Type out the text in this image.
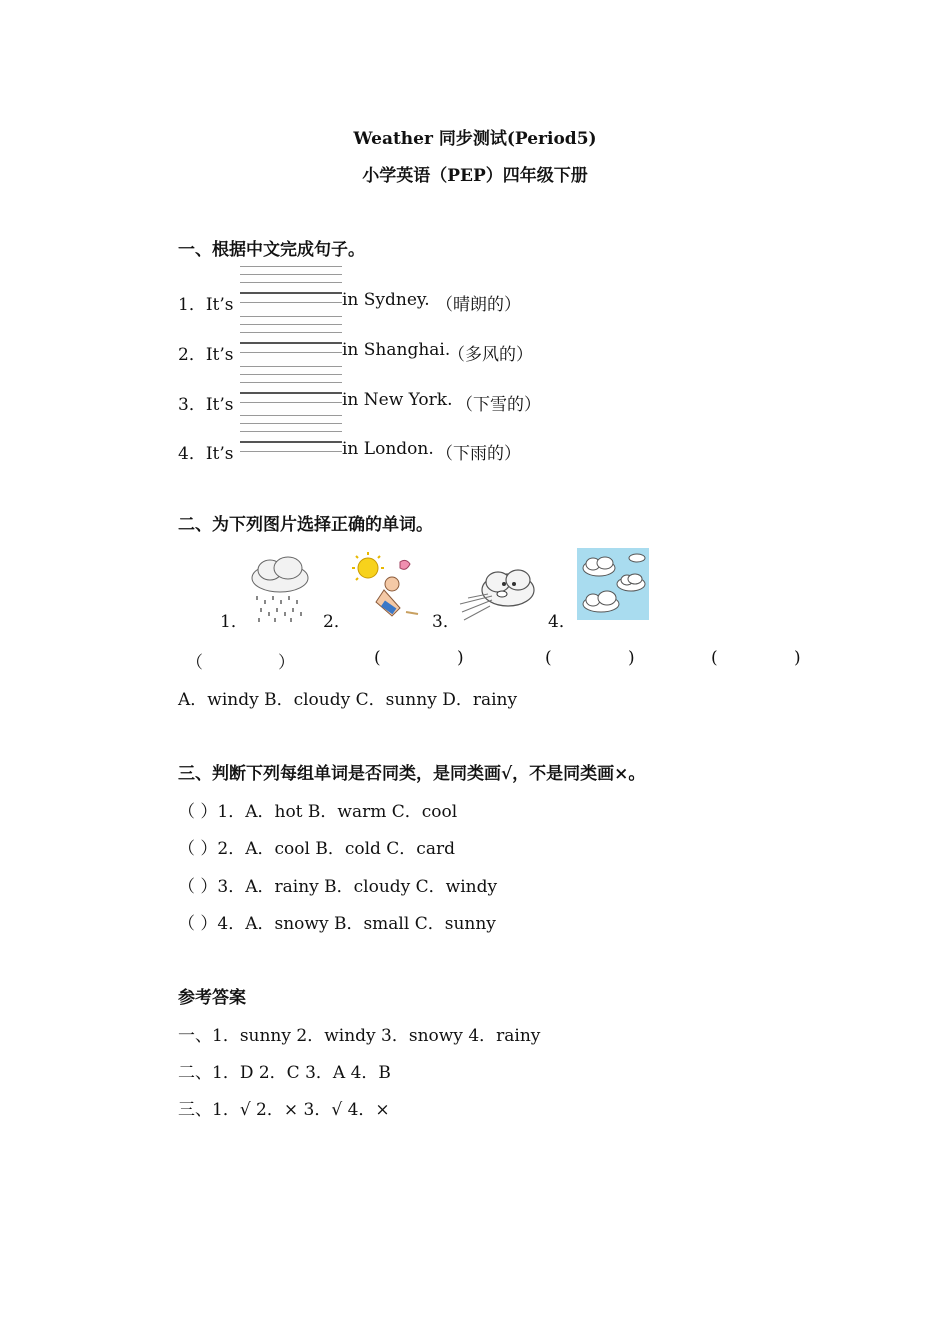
Weather 同步测试(Period5)
小学英语（PEP）四年级下册
一、根据中文完成句子。
1．It’s	in Sydney. （晴朗的）
2．It’s	in Shanghai.
（多风的）
3．It’s	in New York. （下雪的）
4．It’s	in London. （下雨的）
二、为下列图片选择正确的单词。
1．	2．	3．	4．
（	）	(	)	(	)	(	)
A．windy B．cloudy C．sunny D．rainy
三、判断下列每组单词是否同类，是同类画√，不是同类画×。
（ ）1．A．hot B．warm C．cool
（ ）2．A．cool B．cold C．card
（ ）3．A．rainy B．cloudy C．windy
（ ）4．A．snowy B．small C．sunny
参考答案
一、1．sunny 2．windy 3．snowy 4．rainy
二、1．D 2．C 3．A 4．B
三、1．√ 2．× 3．√ 4．×
